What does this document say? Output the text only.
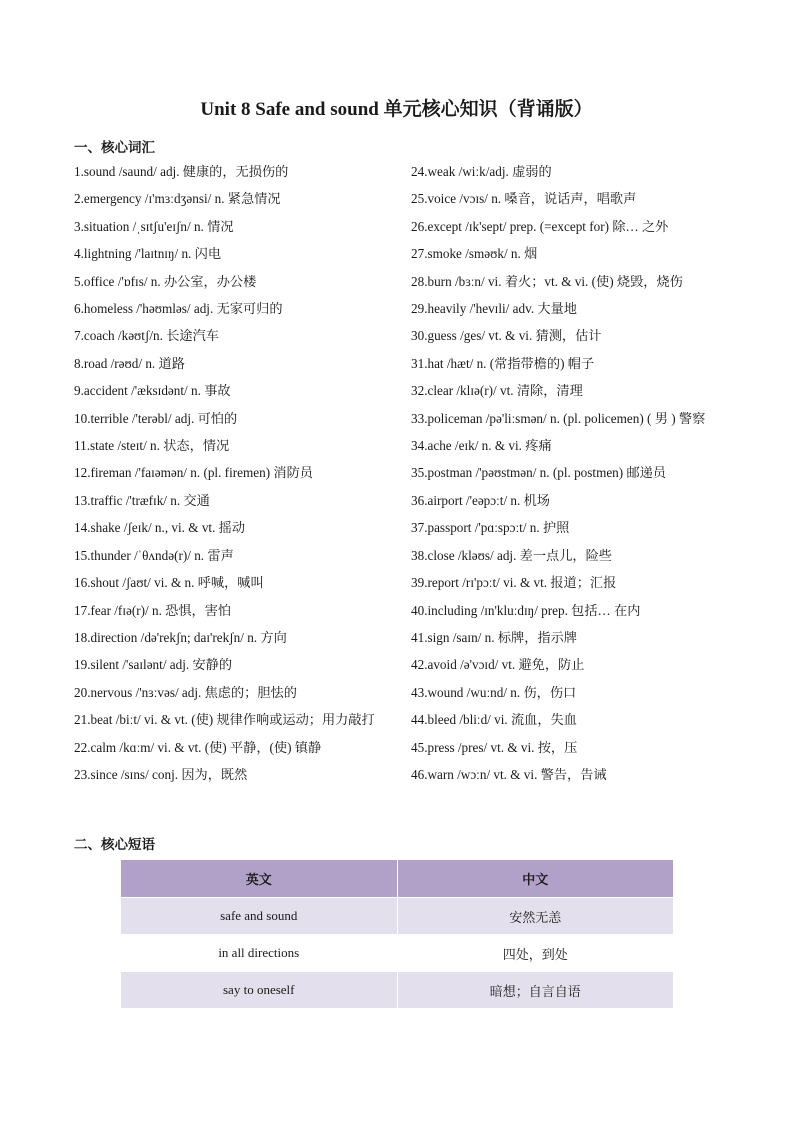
Unit 8 Safe and sound 单元核心知识（背诵版）
一、核心词汇
1.sound /saund/ adj. 健康的，无损伤的
2.emergency /ɪ'mɜːdʒənsi/ n. 紧急情况
3.situation /ˌsɪtʃu'eɪʃn/ n. 情况
4.lightning /'laɪtnɪŋ/ n. 闪电
5.office /'ɒfɪs/ n. 办公室，办公楼
6.homeless /'həʊmləs/ adj. 无家可归的
7.coach /kəʊtʃ/n. 长途汽车
8.road /rəʊd/ n. 道路
9.accident /'æksɪdənt/ n. 事故
10.terrible /'terəbl/ adj. 可怕的
11.state /steɪt/ n. 状态，情况
12.fireman /'faɪəmən/ n. (pl. firemen) 消防员
13.traffic /'træfɪk/ n. 交通
14.shake /ʃeɪk/ n., vi. & vt. 摇动
15.thunder /ˈθʌndə(r)/ n. 雷声
16.shout /ʃaʊt/ vi. & n. 呼喊，喊叫
17.fear /fɪə(r)/ n. 恐惧，害怕
18.direction /də'rekʃn; daɪ'rekʃn/ n. 方向
19.silent /'saɪlənt/ adj. 安静的
20.nervous /'nɜːvəs/ adj. 焦虑的；胆怯的
21.beat /biːt/ vi. & vt. (使) 规律作响或运动；用力敲打
22.calm /kɑːm/ vi. & vt. (使) 平静，(使) 镇静
23.since /sɪns/ conj. 因为，既然
24.weak /wiːk/adj. 虚弱的
25.voice /vɔɪs/ n. 嗓音，说话声，唱歌声
26.except /ɪk'sept/ prep. (=except for) 除… 之外
27.smoke /sməʊk/ n. 烟
28.burn /bɜːn/ vi. 着火；vt. & vi. (使) 烧毁，烧伤
29.heavily /'hevɪli/ adv. 大量地
30.guess /ges/ vt. & vi. 猜测，估计
31.hat /hæt/ n. (常指带檐的) 帽子
32.clear /klɪə(r)/ vt. 清除，清理
33.policeman /pə'liːsmən/ n. (pl. policemen) ( 男 ) 警察
34.ache /eɪk/ n. & vi. 疼痛
35.postman /'pəʊstmən/ n. (pl. postmen) 邮递员
36.airport /'eəpɔːt/ n. 机场
37.passport /'pɑːspɔːt/ n. 护照
38.close /kləʊs/ adj. 差一点儿，险些
39.report /rɪ'pɔːt/ vi. & vt. 报道；汇报
40.including /ɪn'kluːdɪŋ/ prep. 包括… 在内
41.sign /saɪn/ n. 标牌，指示牌
42.avoid /ə'vɔɪd/ vt. 避免，防止
43.wound /wuːnd/ n. 伤，伤口
44.bleed /bliːd/ vi. 流血，失血
45.press /pres/ vt. & vi. 按，压
46.warn /wɔːn/ vt. & vi. 警告，告诫
二、核心短语
英文	中文
safe and sound	安然无恙
in all directions	四处，到处
say to oneself	暗想；自言自语
